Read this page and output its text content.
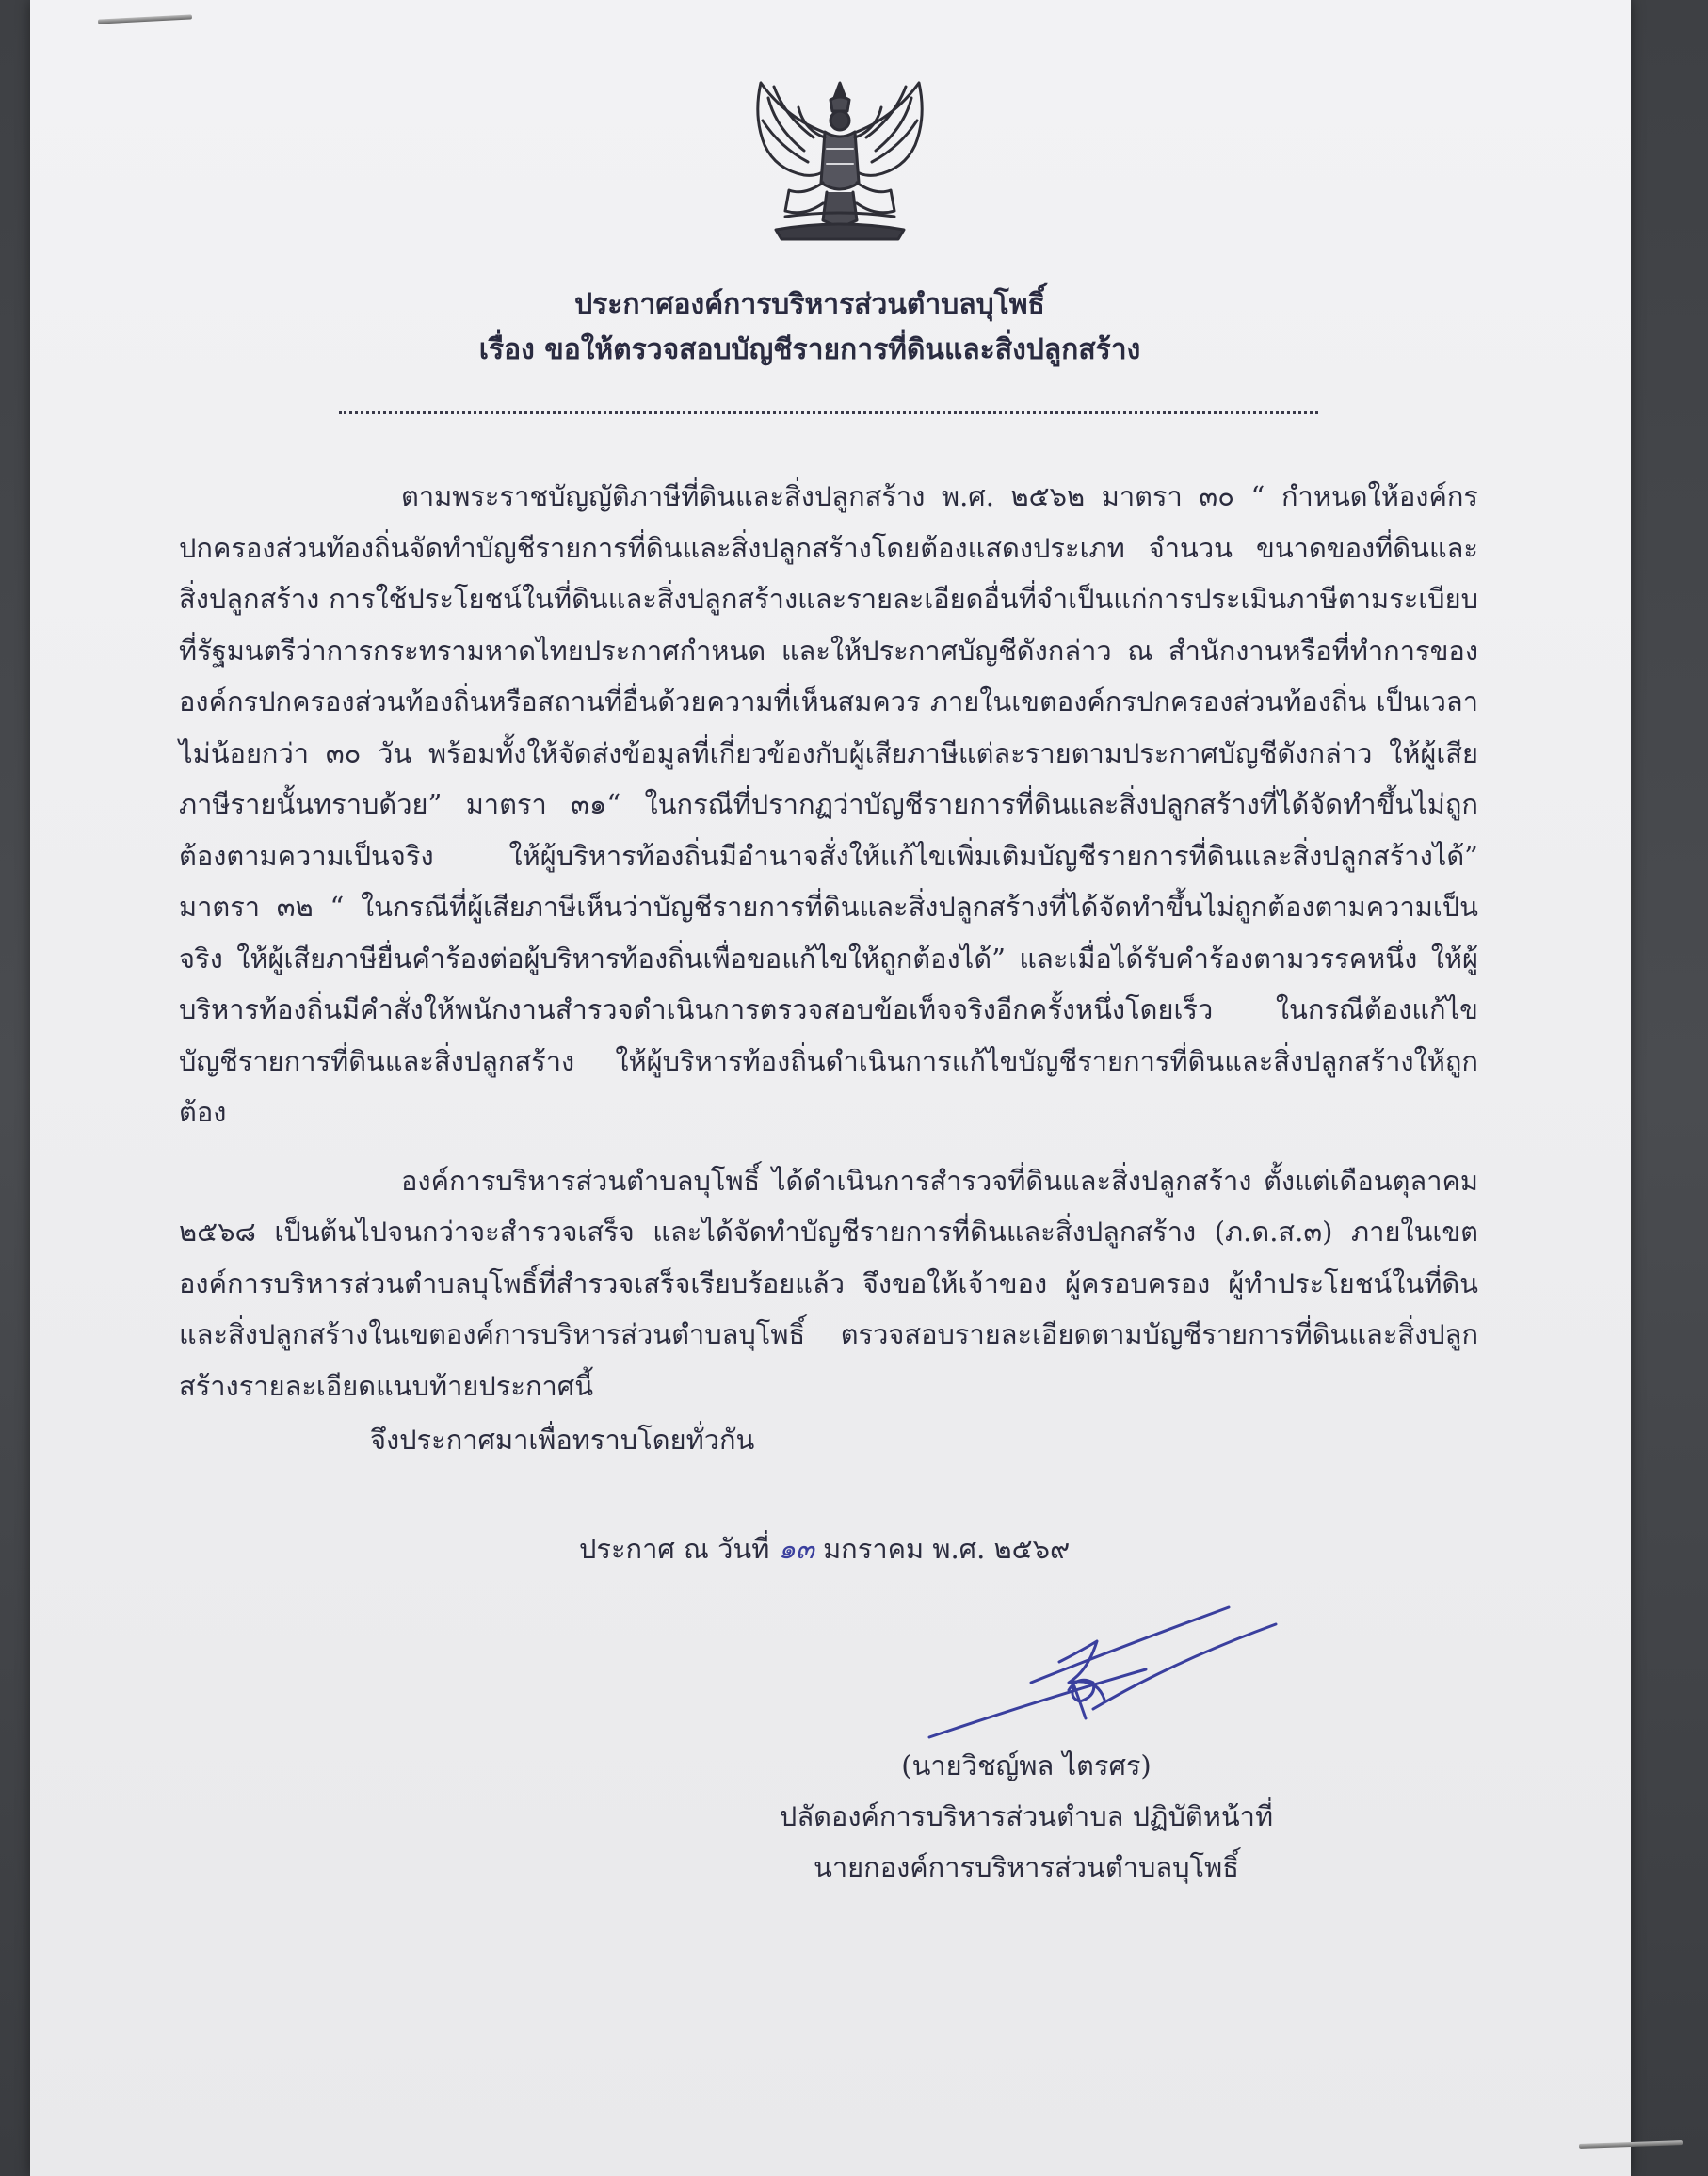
ประกาศองค์การบริหารส่วนตำบลบุโพธิ์
เรื่อง ขอให้ตรวจสอบบัญชีรายการที่ดินและสิ่งปลูกสร้าง

ตามพระราชบัญญัติภาษีที่ดินและสิ่งปลูกสร้าง พ.ศ. ๒๕๖๒ มาตรา ๓๐ “ กำหนดให้องค์กรปกครองส่วนท้องถิ่นจัดทำบัญชีรายการที่ดินและสิ่งปลูกสร้างโดยต้องแสดงประเภท จำนวน ขนาดของที่ดินและสิ่งปลูกสร้าง การใช้ประโยชน์ในที่ดินและสิ่งปลูกสร้างและรายละเอียดอื่นที่จำเป็นแก่การประเมินภาษีตามระเบียบที่รัฐมนตรีว่าการกระทรามหาดไทยประกาศกำหนด และให้ประกาศบัญชีดังกล่าว ณ สำนักงานหรือที่ทำการขององค์กรปกครองส่วนท้องถิ่นหรือสถานที่อื่นด้วยความที่เห็นสมควร ภายในเขตองค์กรปกครองส่วนท้องถิ่น เป็นเวลาไม่น้อยกว่า ๓๐ วัน พร้อมทั้งให้จัดส่งข้อมูลที่เกี่ยวข้องกับผู้เสียภาษีแต่ละรายตามประกาศบัญชีดังกล่าว ให้ผู้เสียภาษีรายนั้นทราบด้วย” มาตรา ๓๑“ ในกรณีที่ปรากฏว่าบัญชีรายการที่ดินและสิ่งปลูกสร้างที่ได้จัดทำขึ้นไม่ถูกต้องตามความเป็นจริง ให้ผู้บริหารท้องถิ่นมีอำนาจสั่งให้แก้ไขเพิ่มเติมบัญชีรายการที่ดินและสิ่งปลูกสร้างได้” มาตรา ๓๒ “ ในกรณีที่ผู้เสียภาษีเห็นว่าบัญชีรายการที่ดินและสิ่งปลูกสร้างที่ได้จัดทำขึ้นไม่ถูกต้องตามความเป็นจริง ให้ผู้เสียภาษียื่นคำร้องต่อผู้บริหารท้องถิ่นเพื่อขอแก้ไขให้ถูกต้องได้” และเมื่อได้รับคำร้องตามวรรคหนึ่ง ให้ผู้บริหารท้องถิ่นมีคำสั่งให้พนักงานสำรวจดำเนินการตรวจสอบข้อเท็จจริงอีกครั้งหนึ่งโดยเร็ว ในกรณีต้องแก้ไขบัญชีรายการที่ดินและสิ่งปลูกสร้าง ให้ผู้บริหารท้องถิ่นดำเนินการแก้ไขบัญชีรายการที่ดินและสิ่งปลูกสร้างให้ถูกต้อง

องค์การบริหารส่วนตำบลบุโพธิ์ ได้ดำเนินการสำรวจที่ดินและสิ่งปลูกสร้าง ตั้งแต่เดือนตุลาคม ๒๕๖๘ เป็นต้นไปจนกว่าจะสำรวจเสร็จ และได้จัดทำบัญชีรายการที่ดินและสิ่งปลูกสร้าง (ภ.ด.ส.๓) ภายในเขตองค์การบริหารส่วนตำบลบุโพธิ์ที่สำรวจเสร็จเรียบร้อยแล้ว จึงขอให้เจ้าของ ผู้ครอบครอง ผู้ทำประโยชน์ในที่ดินและสิ่งปลูกสร้างในเขตองค์การบริหารส่วนตำบลบุโพธิ์ ตรวจสอบรายละเอียดตามบัญชีรายการที่ดินและสิ่งปลูกสร้างรายละเอียดแนบท้ายประกาศนี้

จึงประกาศมาเพื่อทราบโดยทั่วกัน
ประกาศ ณ วันที่ ๑๓ มกราคม พ.ศ. ๒๕๖๙
(นายวิชญ์พล ไตรศร)
ปลัดองค์การบริหารส่วนตำบล ปฏิบัติหน้าที่
นายกองค์การบริหารส่วนตำบลบุโพธิ์
